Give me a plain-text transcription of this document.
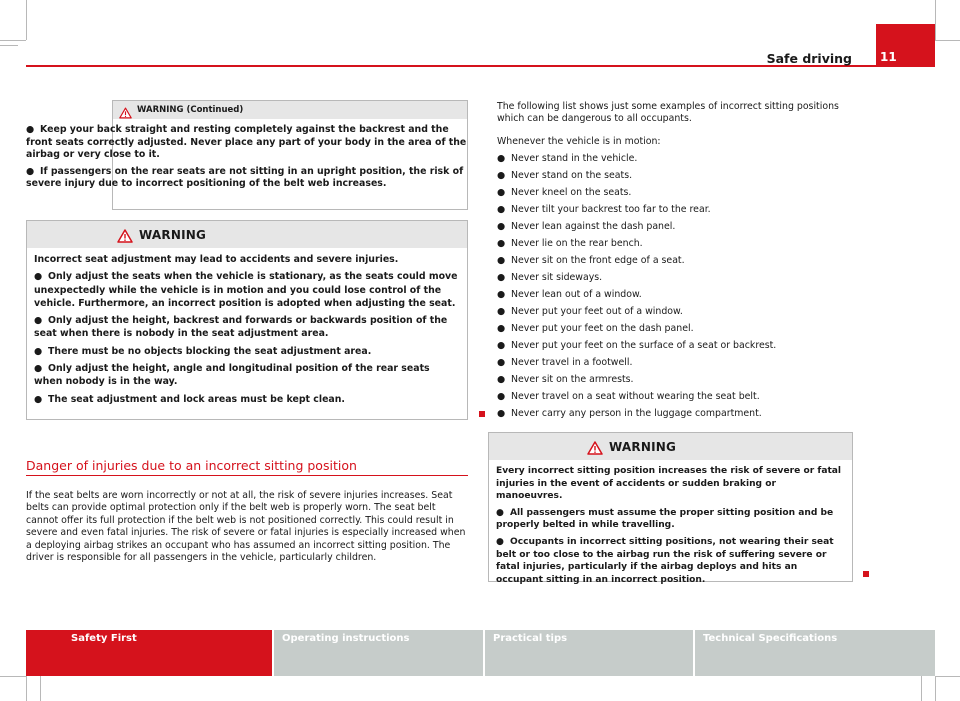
Safe driving 11
WARNING (Continued)

● Keep your back straight and resting completely against the backrest and the front seats correctly adjusted. Never place any part of your body in the area of the airbag or very close to it.

● If passengers on the rear seats are not sitting in an upright position, the risk of severe injury due to incorrect positioning of the belt web increases.

WARNING

Incorrect seat adjustment may lead to accidents and severe injuries.

● Only adjust the seats when the vehicle is stationary, as the seats could move unexpectedly while the vehicle is in motion and you could lose control of the vehicle. Furthermore, an incorrect position is adopted when adjusting the seat.

● Only adjust the height, backrest and forwards or backwards position of the seat when there is nobody in the seat adjustment area.

● There must be no objects blocking the seat adjustment area.

● Only adjust the height, angle and longitudinal position of the rear seats when nobody is in the way.

● The seat adjustment and lock areas must be kept clean.

Danger of injuries due to an incorrect sitting position
If the seat belts are worn incorrectly or not at all, the risk of severe injuries increases. Seat belts can provide optimal protection only if the belt web is properly worn. The seat belt cannot offer its full protection if the belt web is not positioned correctly. This could result in severe and even fatal injuries. The risk of severe or fatal injuries is especially increased when a deploying airbag strikes an occupant who has assumed an incorrect sitting position. The driver is responsible for all passengers in the vehicle, particularly children.
The following list shows just some examples of incorrect sitting positions which can be dangerous to all occupants.
Whenever the vehicle is in motion:
● Never stand in the vehicle.
● Never stand on the seats.
● Never kneel on the seats.
● Never tilt your backrest too far to the rear.
● Never lean against the dash panel.
● Never lie on the rear bench.
● Never sit on the front edge of a seat.
● Never sit sideways.
● Never lean out of a window.
● Never put your feet out of a window.
● Never put your feet on the dash panel.
● Never put your feet on the surface of a seat or backrest.
● Never travel in a footwell.
● Never sit on the armrests.
● Never travel on a seat without wearing the seat belt.
● Never carry any person in the luggage compartment.
WARNING

Every incorrect sitting position increases the risk of severe or fatal injuries in the event of accidents or sudden braking or manoeuvres.

● All passengers must assume the proper sitting position and be properly belted in while travelling.

● Occupants in incorrect sitting positions, not wearing their seat belt or too close to the airbag run the risk of suffering severe or fatal injuries, particularly if the airbag deploys and hits an occupant sitting in an incorrect position.

Safety First	Operating instructions	Practical tips	Technical Specifications
